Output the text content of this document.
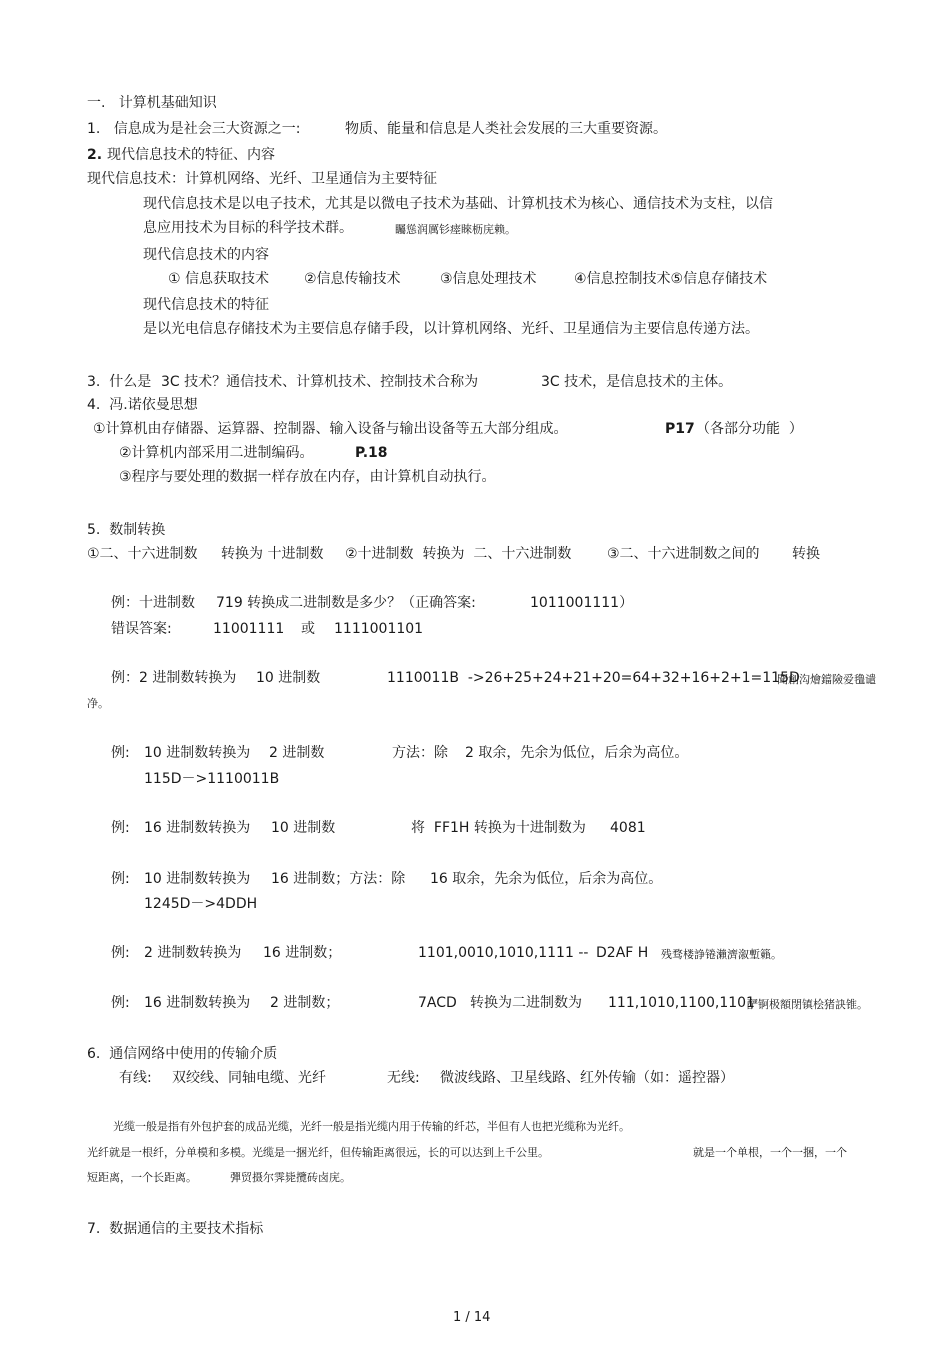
一.   计算机基础知识
1.   信息成为是社会三大资源之一:	物质、能量和信息是人类社会发展的三大重要资源。
2. 现代信息技术的特征、内容
现代信息技术：计算机网络、光纤、卫星通信为主要特征
现代信息技术是以电子技术，尤其是以微电子技术为基础、计算机技术为核心、通信技术为支柱，以信
息应用技术为目标的科学技术群。	矚慫润厲钐瘗睞枥庑赖。
现代信息技术的内容
① 信息获取技术 ②信息传输技术	③信息处理技术	④信息控制技术⑤信息存储技术
现代信息技术的特征
是以光电信息存储技术为主要信息存储手段，以计算机网络、光纤、卫星通信为主要信息传递方法。
3.  什么是 3C 技术？通信技术、计算机技术、控制技术合称为	3C 技术，是信息技术的主体。
4.  冯.诺依曼思想
①计算机由存储器、运算器、控制器、输入设备与输出设备等五大部分组成。	P17 （各部分功能  ）
②计算机内部采用二进制编码。	P.18
③程序与要处理的数据一样存放在内存，由计算机自动执行。
5.  数制转换
①二、十六进制数 转换为 十进制数 ②十进制数  转换为  二、十六进制数	③二、十六进制数之间的 转换
例：十进制数 719 转换成二进制数是多少？（正确答案:	1011001111）
错误答案:	11001111 或 1111001101
例：2 进制数转换为 10 进制数	1110011B  ->26+25+24+21+20=64+32+16+2+1=115D
聞創沟燴鐺險爱氇谴
净。
例: 10 进制数转换为 2 进制数	方法：除 2 取余，先余为低位，后余为高位。
115D－>1110011B
例: 16 进制数转换为 10 进制数	将  FF1H 转换为十进制数为 4081
例: 10 进制数转换为 16 进制数；方法：除 16 取余，先余为低位，后余为高位。
1245D－>4DDH
例: 2 进制数转换为 16 进制数；	1101,0010,1010,1111 -- D2AF H 残骛楼諍锩瀨濟溆塹籟。
例: 16 进制数转换为 2 进制数；	7ACD 转换为二进制数为 111,1010,1100,1101
酽锕极額閉镇桧猪訣锥。
6.  通信网络中使用的传输介质
有线: 双绞线、同轴电缆、光纤	无线: 微波线路、卫星线路、红外传输（如：遥控器）
光缆一般是指有外包护套的成品光缆，光纤一般是指光缆内用于传输的纤芯，半但有人也把光缆称为光纤。
光纤就是一根纤，分单模和多模。光缆是一捆光纤，但传输距离很远，长的可以达到上千公里。	就是一个单根，一个一捆，一个
短距离，一个长距离。	彈贸摄尔霁毙攬砖卤庑。
7.  数据通信的主要技术指标
1 / 14
